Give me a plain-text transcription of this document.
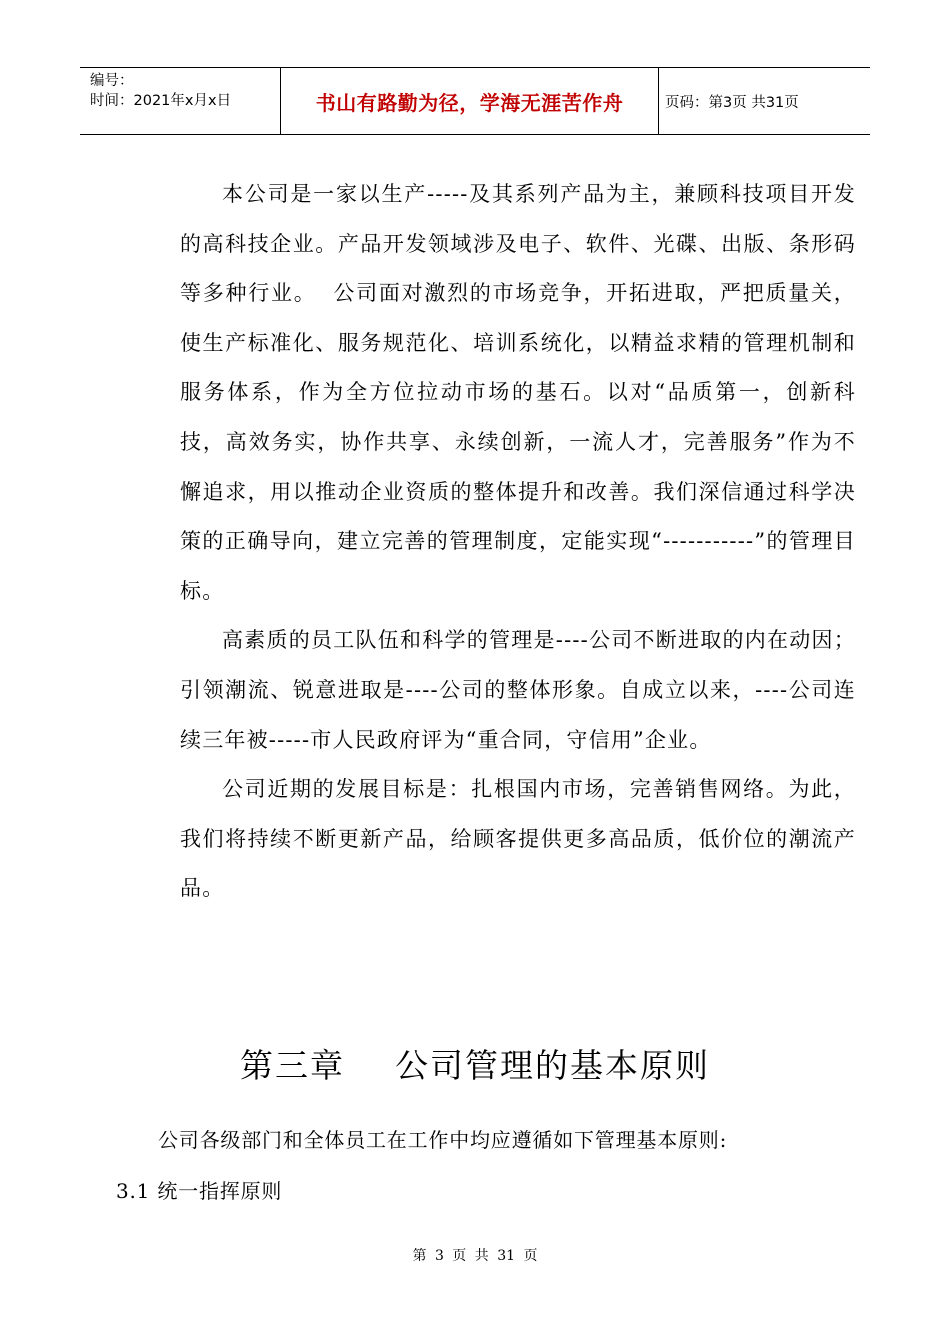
编号：
时间：2021年x月x日	书山有路勤为径，学海无涯苦作舟	页码：第3页 共31页

本公司是一家以生产-----及其系列产品为主，兼顾科技项目开发的高科技企业。产品开发领域涉及电子、软件、光碟、出版、条形码等多种行业。  公司面对激烈的市场竞争，开拓进取，严把质量关，使生产标准化、服务规范化、培训系统化，以精益求精的管理机制和服务体系，作为全方位拉动市场的基石。以对“品质第一，创新科技，高效务实，协作共享、永续创新，一流人才，完善服务”作为不懈追求，用以推动企业资质的整体提升和改善。我们深信通过科学决策的正确导向，建立完善的管理制度，定能实现“-----------”的管理目标。

高素质的员工队伍和科学的管理是----公司不断进取的内在动因；引领潮流、锐意进取是----公司的整体形象。自成立以来，----公司连续三年被-----市人民政府评为“重合同，守信用”企业。

公司近期的发展目标是：扎根国内市场，完善销售网络。为此，我们将持续不断更新产品，给顾客提供更多高品质，低价位的潮流产品。

第三章    公司管理的基本原则
公司各级部门和全体员工在工作中均应遵循如下管理基本原则:
3.1 统一指挥原则
第 3 页 共 31 页
